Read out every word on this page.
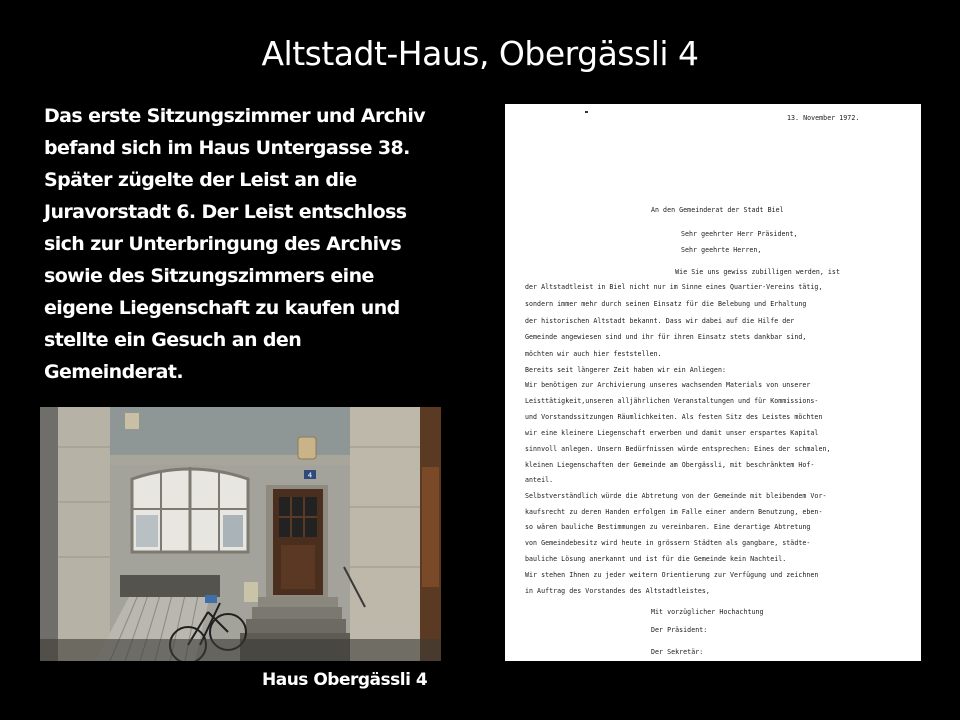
Altstadt-Haus, Obergässli 4
Das erste Sitzungszimmer und Archiv
befand sich im Haus Untergasse 38.
Später zügelte der Leist an die
Juravorstadt 6. Der Leist entschloss
sich zur Unterbringung des Archivs
sowie des Sitzungszimmers eine
eigene Liegenschaft zu kaufen und
stellte ein Gesuch an den
Gemeinderat.
4
Haus Obergässli 4
13. November 1972.
An den Gemeinderat der Stadt Biel
Sehr geehrter Herr Präsident,
Sehr geehrte Herren,
Wie Sie uns gewiss zubilligen werden, ist
der Altstadtleist in Biel nicht nur im Sinne eines Quartier-Vereins tätig,
sondern immer mehr durch seinen Einsatz für die Belebung und Erhaltung
der historischen Altstadt bekannt. Dass wir dabei auf die Hilfe der
Gemeinde angewiesen sind und ihr für ihren Einsatz stets dankbar sind,
möchten wir auch hier feststellen.
Bereits seit längerer Zeit haben wir ein Anliegen:
Wir benötigen zur Archivierung unseres wachsenden Materials von unserer
Leisttätigkeit,unseren alljährlichen Veranstaltungen und für Kommissions-
und Vorstandssitzungen Räumlichkeiten. Als festen Sitz des Leistes möchten
wir eine kleinere Liegenschaft erwerben und damit unser erspartes Kapital
sinnvoll anlegen. Unsern Bedürfnissen würde entsprechen: Eines der schmalen,
kleinen Liegenschaften der Gemeinde am Obergässli, mit beschränktem Hof-
anteil.
Selbstverständlich würde die Abtretung von der Gemeinde mit bleibendem Vor-
kaufsrecht zu deren Handen erfolgen im Falle einer andern Benutzung, eben-
so wären bauliche Bestimmungen zu vereinbaren. Eine derartige Abtretung
von Gemeindebesitz wird heute in grössern Städten als gangbare, städte-
bauliche Lösung anerkannt und ist für die Gemeinde kein Nachteil.
Wir stehen Ihnen zu jeder weitern Orientierung zur Verfügung und zeichnen
in Auftrag des Vorstandes des Altstadtleistes,
Mit vorzüglicher Hochachtung
Der Präsident:
Der Sekretär:
